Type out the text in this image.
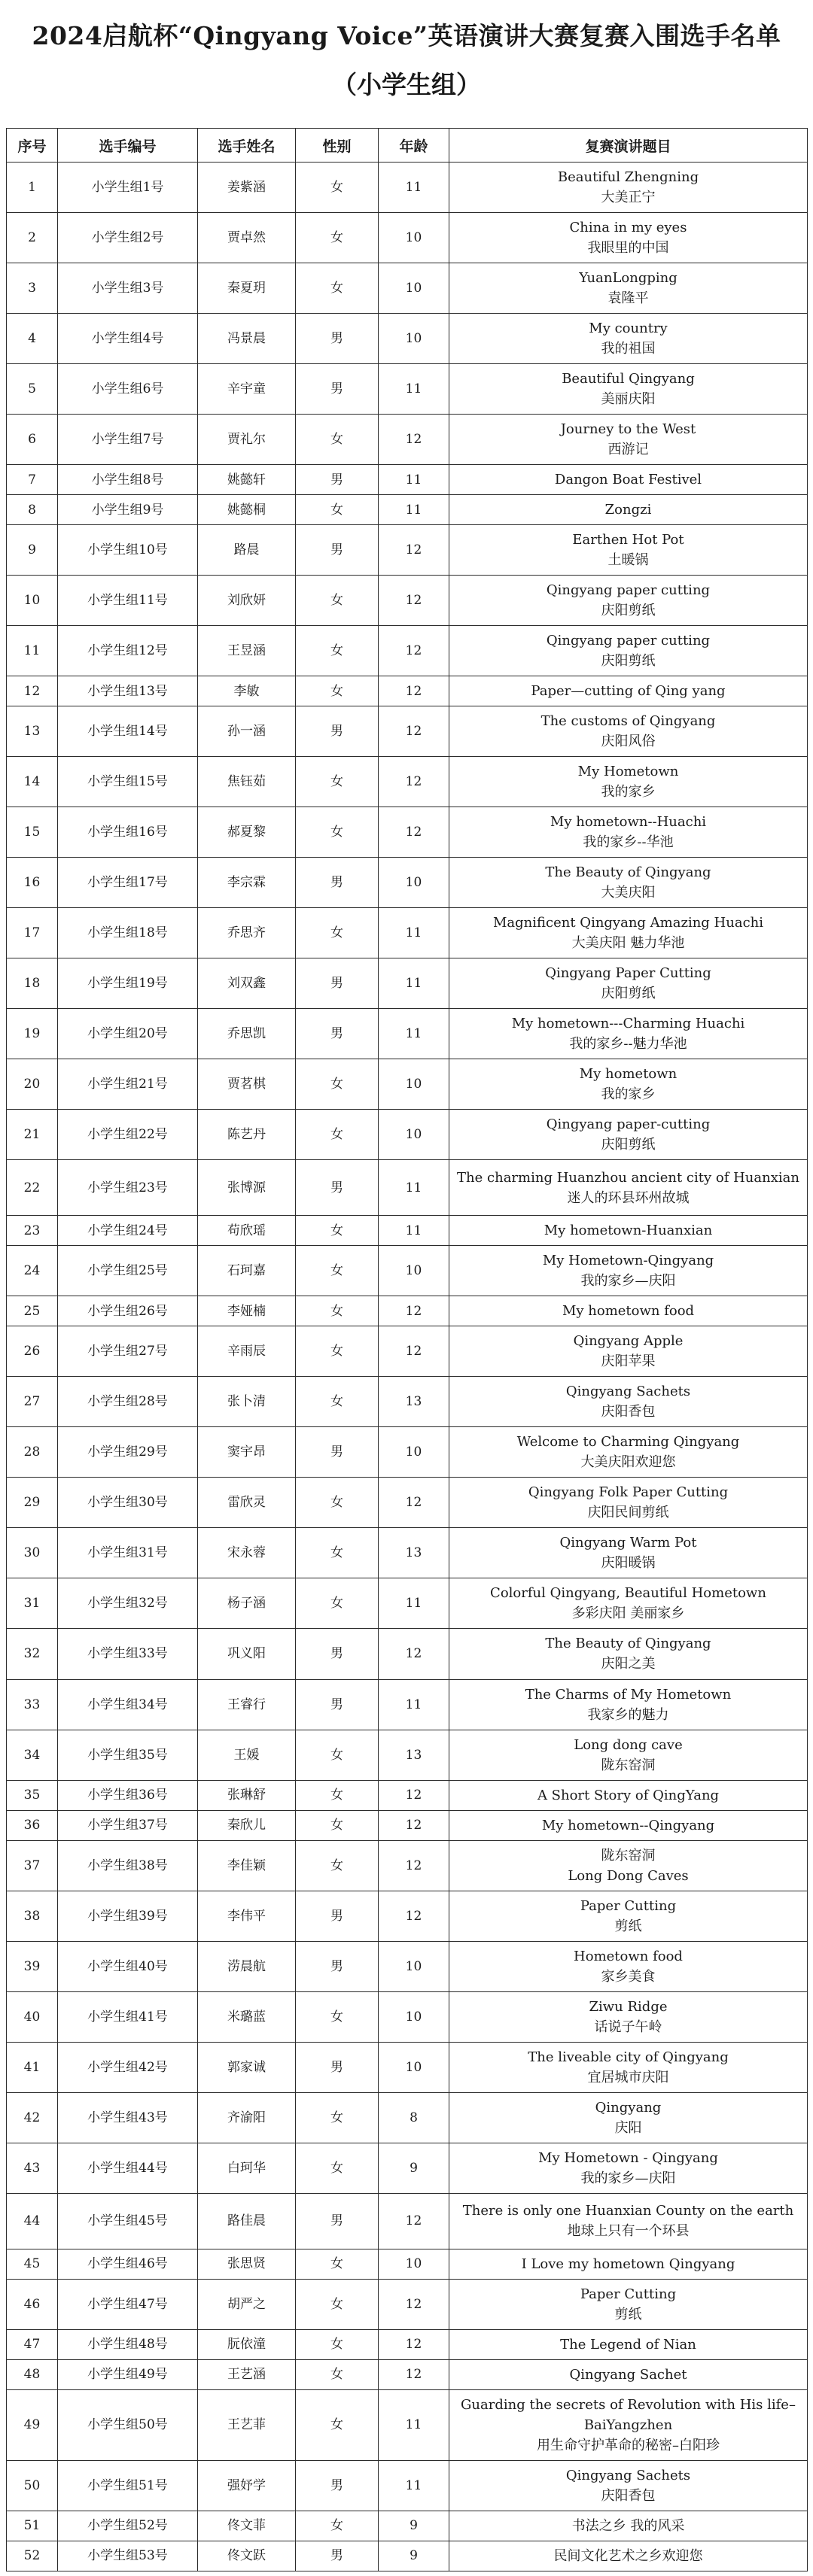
2024启航杯“Qingyang Voice”英语演讲大赛复赛入围选手名单
（小学生组）
序号	选手编号	选手姓名	性别	年龄	复赛演讲题目
1	小学生组1号	姜紫涵	女	11	Beautiful Zhengning
大美正宁

2	小学生组2号	贾卓然	女	10	China in my eyes
我眼里的中国

3	小学生组3号	秦夏玥	女	10	YuanLongping
袁隆平

4	小学生组4号	冯景晨	男	10	My country
我的祖国

5	小学生组6号	辛宇童	男	11	Beautiful Qingyang
美丽庆阳

6	小学生组7号	贾礼尔	女	12	Journey to the West
西游记

7	小学生组8号	姚懿轩	男	11	Dangon Boat Festivel

8	小学生组9号	姚懿桐	女	11	Zongzi

9	小学生组10号	路晨	男	12	Earthen Hot Pot
土暖锅

10	小学生组11号	刘欣妍	女	12	Qingyang paper cutting
庆阳剪纸

11	小学生组12号	王昱涵	女	12	Qingyang paper cutting
庆阳剪纸

12	小学生组13号	李敏	女	12	Paper—cutting of Qing yang

13	小学生组14号	孙一涵	男	12	The customs of Qingyang
庆阳风俗

14	小学生组15号	焦钰茹	女	12	My Hometown
我的家乡

15	小学生组16号	郝夏黎	女	12	My hometown--Huachi
我的家乡--华池

16	小学生组17号	李宗霖	男	10	The Beauty of Qingyang
大美庆阳

17	小学生组18号	乔思齐	女	11	Magnificent Qingyang Amazing Huachi
大美庆阳 魅力华池

18	小学生组19号	刘双鑫	男	11	Qingyang Paper Cutting
庆阳剪纸

19	小学生组20号	乔思凯	男	11	My hometown---Charming Huachi
我的家乡--魅力华池

20	小学生组21号	贾茗棋	女	10	My hometown
我的家乡

21	小学生组22号	陈艺丹	女	10	Qingyang paper-cutting
庆阳剪纸

22	小学生组23号	张博源	男	11	The charming Huanzhou ancient city of Huanxian
迷人的环县环州故城

23	小学生组24号	苟欣瑶	女	11	My hometown-Huanxian

24	小学生组25号	石珂嘉	女	10	My Hometown-Qingyang
我的家乡—庆阳

25	小学生组26号	李娅楠	女	12	My hometown food

26	小学生组27号	辛雨辰	女	12	Qingyang Apple
庆阳苹果

27	小学生组28号	张卜清	女	13	Qingyang Sachets
庆阳香包

28	小学生组29号	窦宇昂	男	10	Welcome to Charming Qingyang
大美庆阳欢迎您

29	小学生组30号	雷欣灵	女	12	Qingyang Folk Paper Cutting
庆阳民间剪纸

30	小学生组31号	宋永蓉	女	13	Qingyang Warm Pot
庆阳暖锅

31	小学生组32号	杨子涵	女	11	Colorful Qingyang, Beautiful Hometown
多彩庆阳 美丽家乡

32	小学生组33号	巩义阳	男	12	The Beauty of Qingyang
庆阳之美

33	小学生组34号	王睿行	男	11	The Charms of My Hometown
我家乡的魅力

34	小学生组35号	王媛	女	13	Long dong cave
陇东窑洞

35	小学生组36号	张琳舒	女	12	A Short Story of QingYang

36	小学生组37号	秦欣儿	女	12	My hometown--Qingyang

37	小学生组38号	李佳颖	女	12	陇东窑洞
Long Dong Caves

38	小学生组39号	李伟平	男	12	Paper Cutting
剪纸

39	小学生组40号	涝晨航	男	10	Hometown food
家乡美食

40	小学生组41号	米璐蓝	女	10	Ziwu Ridge
话说子午岭

41	小学生组42号	郭家诚	男	10	The liveable city of Qingyang
宜居城市庆阳

42	小学生组43号	齐渝阳	女	8	Qingyang
庆阳

43	小学生组44号	白珂华	女	9	My Hometown - Qingyang
我的家乡—庆阳

44	小学生组45号	路佳晨	男	12	There is only one Huanxian County on the earth
地球上只有一个环县

45	小学生组46号	张思贤	女	10	I Love my hometown Qingyang

46	小学生组47号	胡严之	女	12	Paper Cutting
剪纸

47	小学生组48号	朊依潼	女	12	The Legend of Nian

48	小学生组49号	王艺涵	女	12	Qingyang Sachet

49	小学生组50号	王艺菲	女	11	Guarding the secrets of Revolution with His life–BaiYangzhen
用生命守护革命的秘密–白阳珍

50	小学生组51号	强妤学	男	11	Qingyang Sachets
庆阳香包

51	小学生组52号	佟文菲	女	9	书法之乡 我的风采

52	小学生组53号	佟文跃	男	9	民间文化艺术之乡欢迎您
